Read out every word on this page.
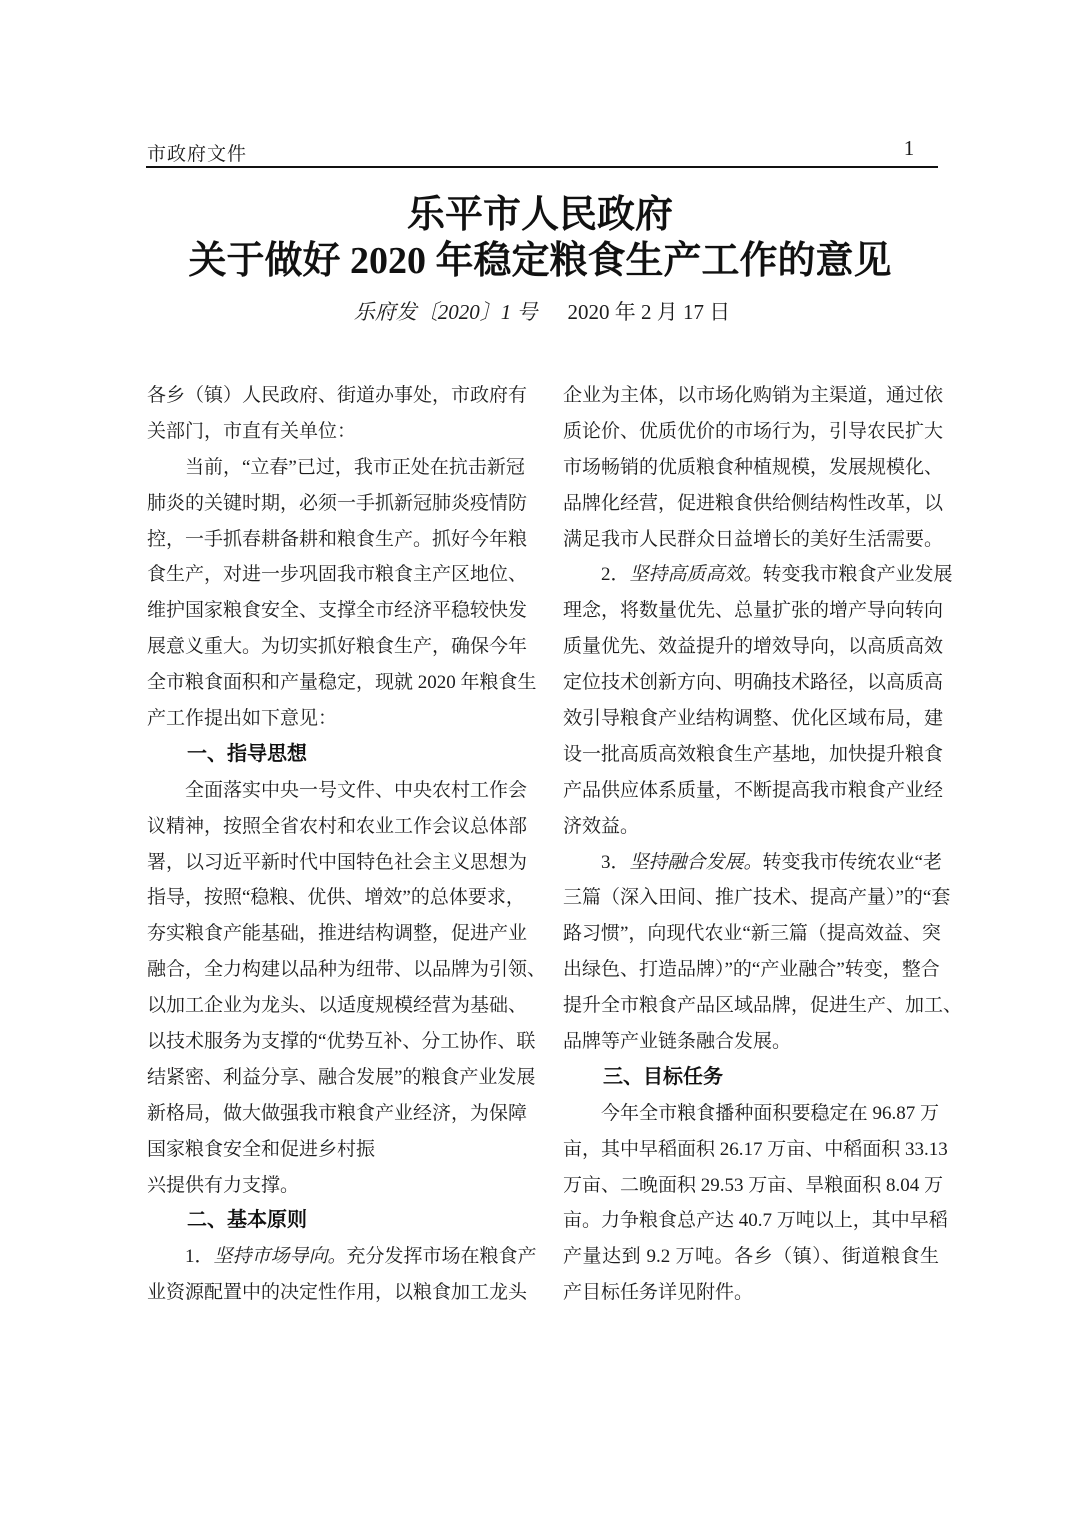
市政府文件	1
乐平市人民政府
关于做好 2020 年稳定粮食生产工作的意见
乐府发〔2020〕1 号 2020 年 2 月 17 日
各乡（镇）人民政府、街道办事处，市政府有
关部门，市直有关单位：
当前，“立春”已过，我市正处在抗击新冠
肺炎的关键时期，必须一手抓新冠肺炎疫情防
控，一手抓春耕备耕和粮食生产。抓好今年粮
食生产，对进一步巩固我市粮食主产区地位、
维护国家粮食安全、支撑全市经济平稳较快发
展意义重大。为切实抓好粮食生产，确保今年
全市粮食面积和产量稳定，现就 2020 年粮食生
产工作提出如下意见：
一、指导思想
全面落实中央一号文件、中央农村工作会
议精神，按照全省农村和农业工作会议总体部
署，以习近平新时代中国特色社会主义思想为
指导，按照“稳粮、优供、增效”的总体要求，
夯实粮食产能基础，推进结构调整，促进产业
融合，全力构建以品种为纽带、以品牌为引领、
以加工企业为龙头、以适度规模经营为基础、
以技术服务为支撑的“优势互补、分工协作、联
结紧密、利益分享、融合发展”的粮食产业发展
新格局，做大做强我市粮食产业经济，为保障
国家粮食安全和促进乡村振
兴提供有力支撑。
二、基本原则
1．坚持市场导向。充分发挥市场在粮食产
业资源配置中的决定性作用，以粮食加工龙头
企业为主体，以市场化购销为主渠道，通过依
质论价、优质优价的市场行为，引导农民扩大
市场畅销的优质粮食种植规模，发展规模化、
品牌化经营，促进粮食供给侧结构性改革，以
满足我市人民群众日益增长的美好生活需要。
2．坚持高质高效。转变我市粮食产业发展
理念，将数量优先、总量扩张的增产导向转向
质量优先、效益提升的增效导向，以高质高效
定位技术创新方向、明确技术路径，以高质高
效引导粮食产业结构调整、优化区域布局，建
设一批高质高效粮食生产基地，加快提升粮食
产品供应体系质量，不断提高我市粮食产业经
济效益。
3．坚持融合发展。转变我市传统农业“老
三篇（深入田间、推广技术、提高产量）”的“套
路习惯”，向现代农业“新三篇（提高效益、突
出绿色、打造品牌）”的“产业融合”转变，整合
提升全市粮食产品区域品牌，促进生产、加工、
品牌等产业链条融合发展。
三、目标任务
今年全市粮食播种面积要稳定在 96.87 万
亩，其中早稻面积 26.17 万亩、中稻面积 33.13
万亩、二晚面积 29.53 万亩、旱粮面积 8.04 万
亩。力争粮食总产达 40.7 万吨以上，其中早稻
产量达到 9.2 万吨。各乡（镇）、街道粮食生
产目标任务详见附件。
